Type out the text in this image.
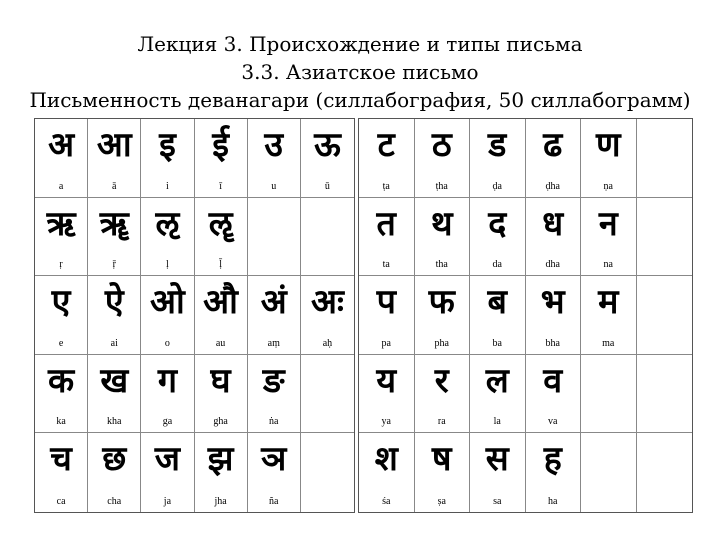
Лекция 3. Происхождение и типы письма
3.3. Азиатское письмо
Письменность деванагари (силлабография, 50 силлабограмм)
अ
a
आ
ā
इ
i
ई
ī
उ
u
ऊ
ū
ऋ
ṛ
ॠ
ṝ
ऌ
ḷ
ॡ
ḹ
ए
e
ऐ
ai
ओ
o
औ
au
अं
aṃ
अः
aḥ
क
ka
ख
kha
ग
ga
घ
gha
ङ
ṅa
च
ca
छ
cha
ज
ja
झ
jha
ञ
ña
ट
ṭa
ठ
ṭha
ड
ḍa
ढ
ḍha
ण
ṇa
त
ta
थ
tha
द
da
ध
dha
न
na
प
pa
फ
pha
ब
ba
भ
bha
म
ma
य
ya
र
ra
ल
la
व
va
श
śa
ष
ṣa
स
sa
ह
ha
